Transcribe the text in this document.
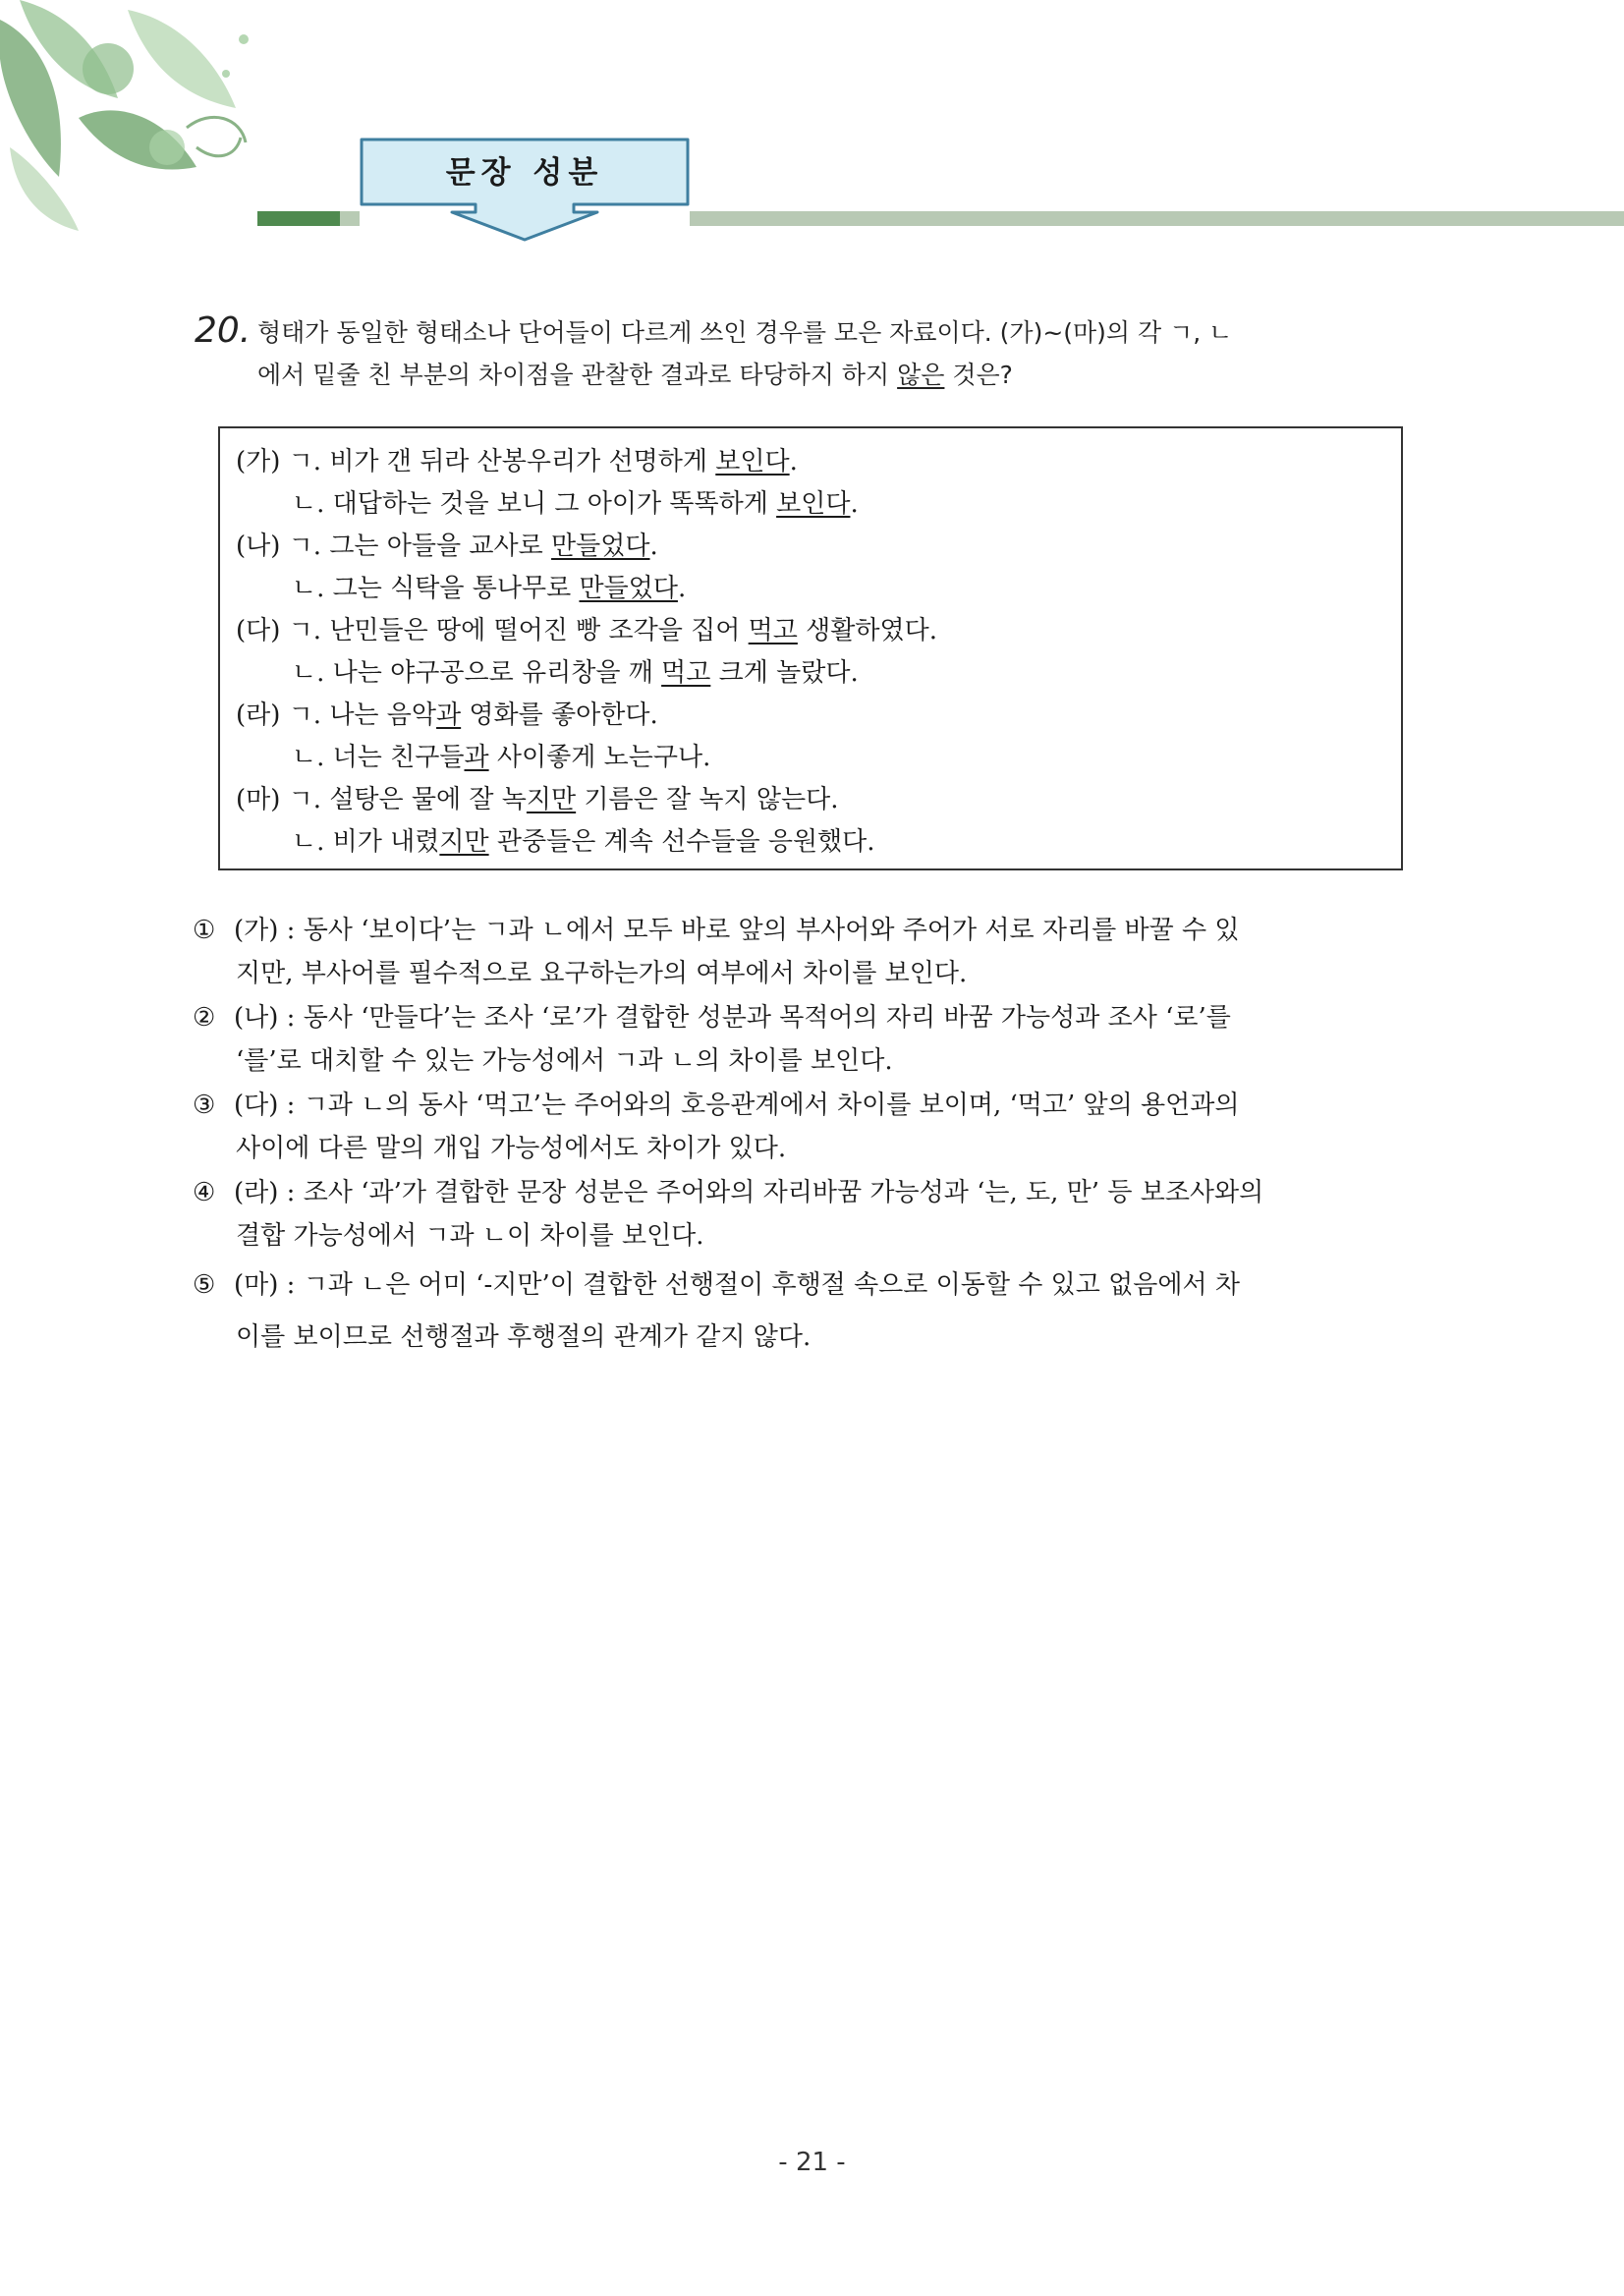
문장 성분
20. 형태가 동일한 형태소나 단어들이 다르게 쓰인 경우를 모은 자료이다. (가)~(마)의 각 ㄱ, ㄴ
에서 밑줄 친 부분의 차이점을 관찰한 결과로 타당하지 하지 않은 것은?
(가) ㄱ. 비가 갠 뒤라 산봉우리가 선명하게 보인다.
ㄴ. 대답하는 것을 보니 그 아이가 똑똑하게 보인다.
(나) ㄱ. 그는 아들을 교사로 만들었다.
ㄴ. 그는 식탁을 통나무로 만들었다.
(다) ㄱ. 난민들은 땅에 떨어진 빵 조각을 집어 먹고 생활하였다.
ㄴ. 나는 야구공으로 유리창을 깨 먹고 크게 놀랐다.
(라) ㄱ. 나는 음악과 영화를 좋아한다.
ㄴ. 너는 친구들과 사이좋게 노는구나.
(마) ㄱ. 설탕은 물에 잘 녹지만 기름은 잘 녹지 않는다.
ㄴ. 비가 내렸지만 관중들은 계속 선수들을 응원했다.
① (가) : 동사 ‘보이다’는 ㄱ과 ㄴ에서 모두 바로 앞의 부사어와 주어가 서로 자리를 바꿀 수 있
지만, 부사어를 필수적으로 요구하는가의 여부에서 차이를 보인다.
② (나) : 동사 ‘만들다’는 조사 ‘로’가 결합한 성분과 목적어의 자리 바꿈 가능성과 조사 ‘로’를
‘를’로 대치할 수 있는 가능성에서 ㄱ과 ㄴ의 차이를 보인다.
③ (다) : ㄱ과 ㄴ의 동사 ‘먹고’는 주어와의 호응관계에서 차이를 보이며, ‘먹고’ 앞의 용언과의
사이에 다른 말의 개입 가능성에서도 차이가 있다.
④ (라) : 조사 ‘과’가 결합한 문장 성분은 주어와의 자리바꿈 가능성과 ‘는, 도, 만’ 등 보조사와의
결합 가능성에서 ㄱ과 ㄴ이 차이를 보인다.
⑤ (마) : ㄱ과 ㄴ은 어미 ‘-지만’이 결합한 선행절이 후행절 속으로 이동할 수 있고 없음에서 차
이를 보이므로 선행절과 후행절의 관계가 같지 않다.
- 21 -
